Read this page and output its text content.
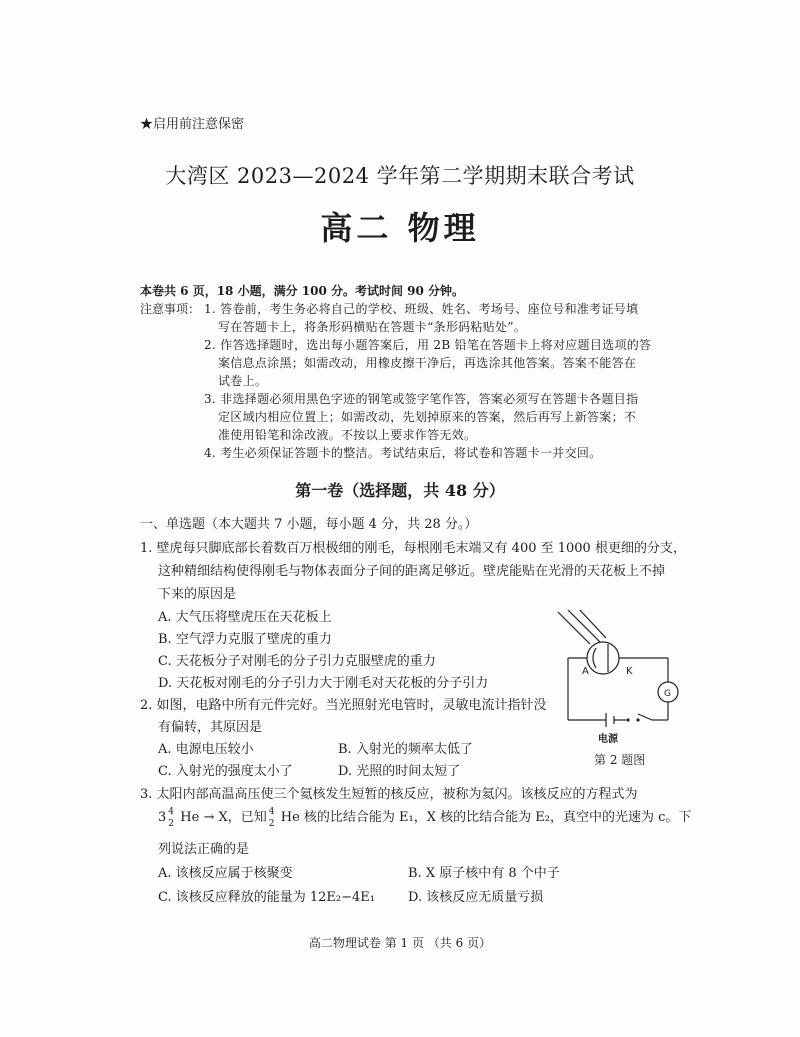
★启用前注意保密
大湾区 2023—2024 学年第二学期期末联合考试
高二 物理
本卷共 6 页，18 小题，满分 100 分。考试时间 90 分钟。
注意事项： 1. 答卷前，考生务必将自己的学校、班级、姓名、考场号、座位号和准考证号填
写在答题卡上，将条形码横贴在答题卡“条形码粘贴处”。
2. 作答选择题时，选出每小题答案后，用 2B 铅笔在答题卡上将对应题目选项的答
案信息点涂黑；如需改动，用橡皮擦干净后，再选涂其他答案。答案不能答在
试卷上。
3. 非选择题必须用黑色字迹的钢笔或签字笔作答，答案必须写在答题卡各题目指
定区域内相应位置上；如需改动，先划掉原来的答案，然后再写上新答案；不
准使用铅笔和涂改液。不按以上要求作答无效。
4. 考生必须保证答题卡的整洁。考试结束后，将试卷和答题卡一并交回。
第一卷（选择题，共 48 分）
一、单选题（本大题共 7 小题，每小题 4 分，共 28 分。）
1. 壁虎每只脚底部长着数百万根极细的刚毛，每根刚毛末端又有 400 至 1000 根更细的分支，
这种精细结构使得刚毛与物体表面分子间的距离足够近。壁虎能贴在光滑的天花板上不掉
下来的原因是
A. 大气压将壁虎压在天花板上
B. 空气浮力克服了壁虎的重力
C. 天花板分子对刚毛的分子引力克服壁虎的重力
D. 天花板对刚毛的分子引力大于刚毛对天花板的分子引力
2. 如图，电路中所有元件完好。当光照射光电管时，灵敏电流计指针没
有偏转，其原因是
A. 电源电压较小	B. 入射光的频率太低了
C. 入射光的强度太小了	D. 光照的时间太短了
A	K
G
电源
第 2 题图
3. 太阳内部高温高压使三个氦核发生短暂的核反应，被称为氦闪。该核反应的方程式为
3 4
2 He → X，已知 4
2 He 核的比结合能为 E₁，X 核的比结合能为 E₂，真空中的光速为 c。下
列说法正确的是
A. 该核反应属于核聚变	B. X 原子核中有 8 个中子
C. 该核反应释放的能量为 12E₂−4E₁	D. 该核反应无质量亏损
高二物理试卷 第 1 页 （共 6 页）
